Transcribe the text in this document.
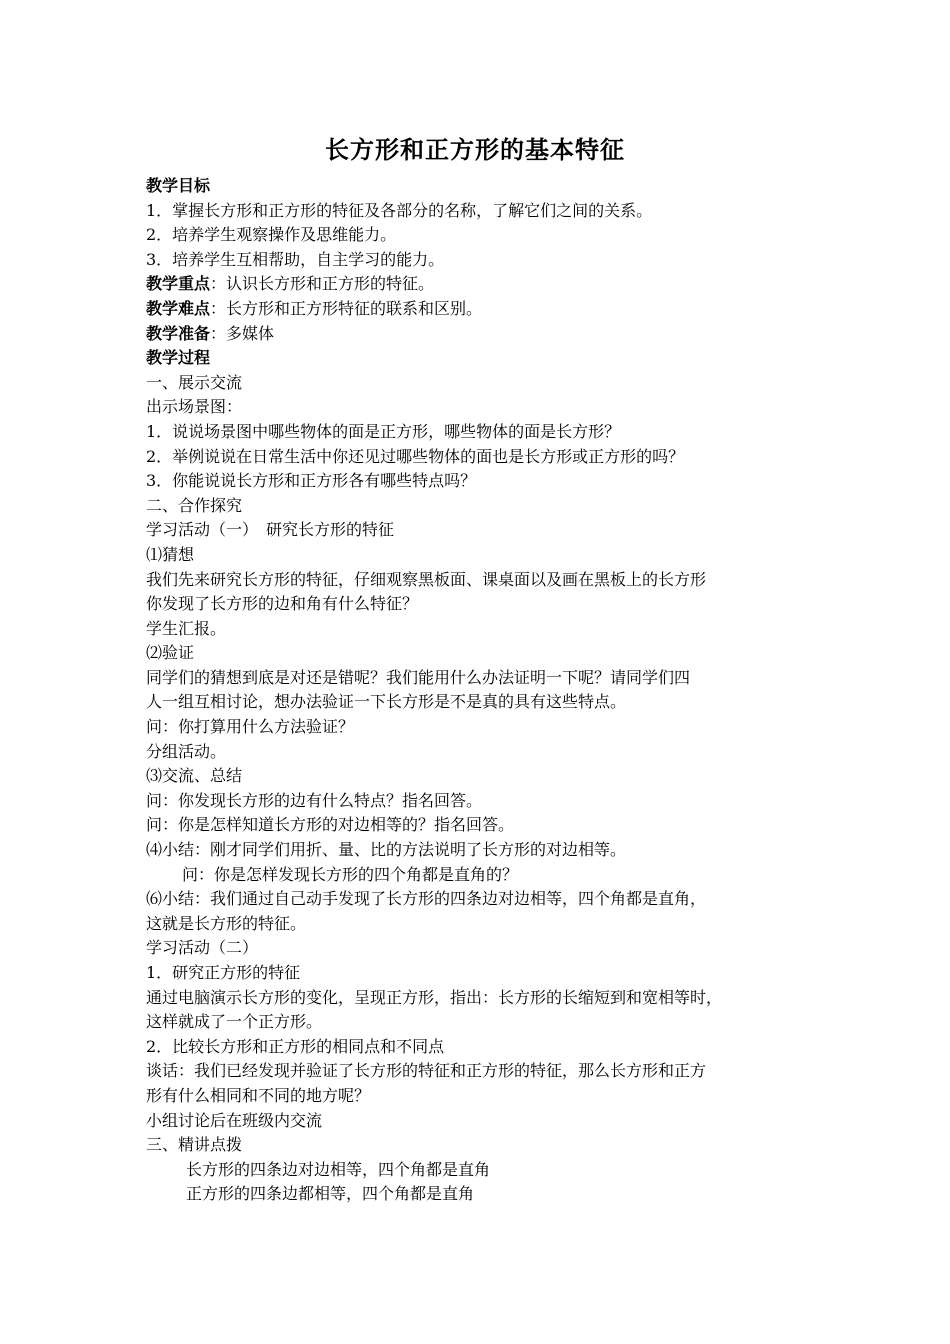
长方形和正方形的基本特征
教学目标
1．掌握长方形和正方形的特征及各部分的名称，了解它们之间的关系。
2．培养学生观察操作及思维能力。
3．培养学生互相帮助，自主学习的能力。
教学重点：认识长方形和正方形的特征。
教学难点：长方形和正方形特征的联系和区别。
教学准备：多媒体
教学过程
一、展示交流
出示场景图：
1．说说场景图中哪些物体的面是正方形，哪些物体的面是长方形？
2．举例说说在日常生活中你还见过哪些物体的面也是长方形或正方形的吗？
3．你能说说长方形和正方形各有哪些特点吗？
二、合作探究
学习活动（一）　研究长方形的特征
⑴猜想
我们先来研究长方形的特征，仔细观察黑板面、课桌面以及画在黑板上的长方形
你发现了长方形的边和角有什么特征？
学生汇报。
⑵验证
同学们的猜想到底是对还是错呢？我们能用什么办法证明一下呢？请同学们四
人一组互相讨论，想办法验证一下长方形是不是真的具有这些特点。
问：你打算用什么方法验证？
分组活动。
⑶交流、总结
问：你发现长方形的边有什么特点？指名回答。
问：你是怎样知道长方形的对边相等的？指名回答。
⑷小结：刚才同学们用折、量、比的方法说明了长方形的对边相等。
问：你是怎样发现长方形的四个角都是直角的？
⑹小结：我们通过自己动手发现了长方形的四条边对边相等，四个角都是直角，
这就是长方形的特征。
学习活动（二）
1．研究正方形的特征
通过电脑演示长方形的变化，呈现正方形，指出：长方形的长缩短到和宽相等时，
这样就成了一个正方形。
2．比较长方形和正方形的相同点和不同点
谈话：我们已经发现并验证了长方形的特征和正方形的特征，那么长方形和正方
形有什么相同和不同的地方呢？
小组讨论后在班级内交流
三、精讲点拨
长方形的四条边对边相等，四个角都是直角
正方形的四条边都相等，四个角都是直角
